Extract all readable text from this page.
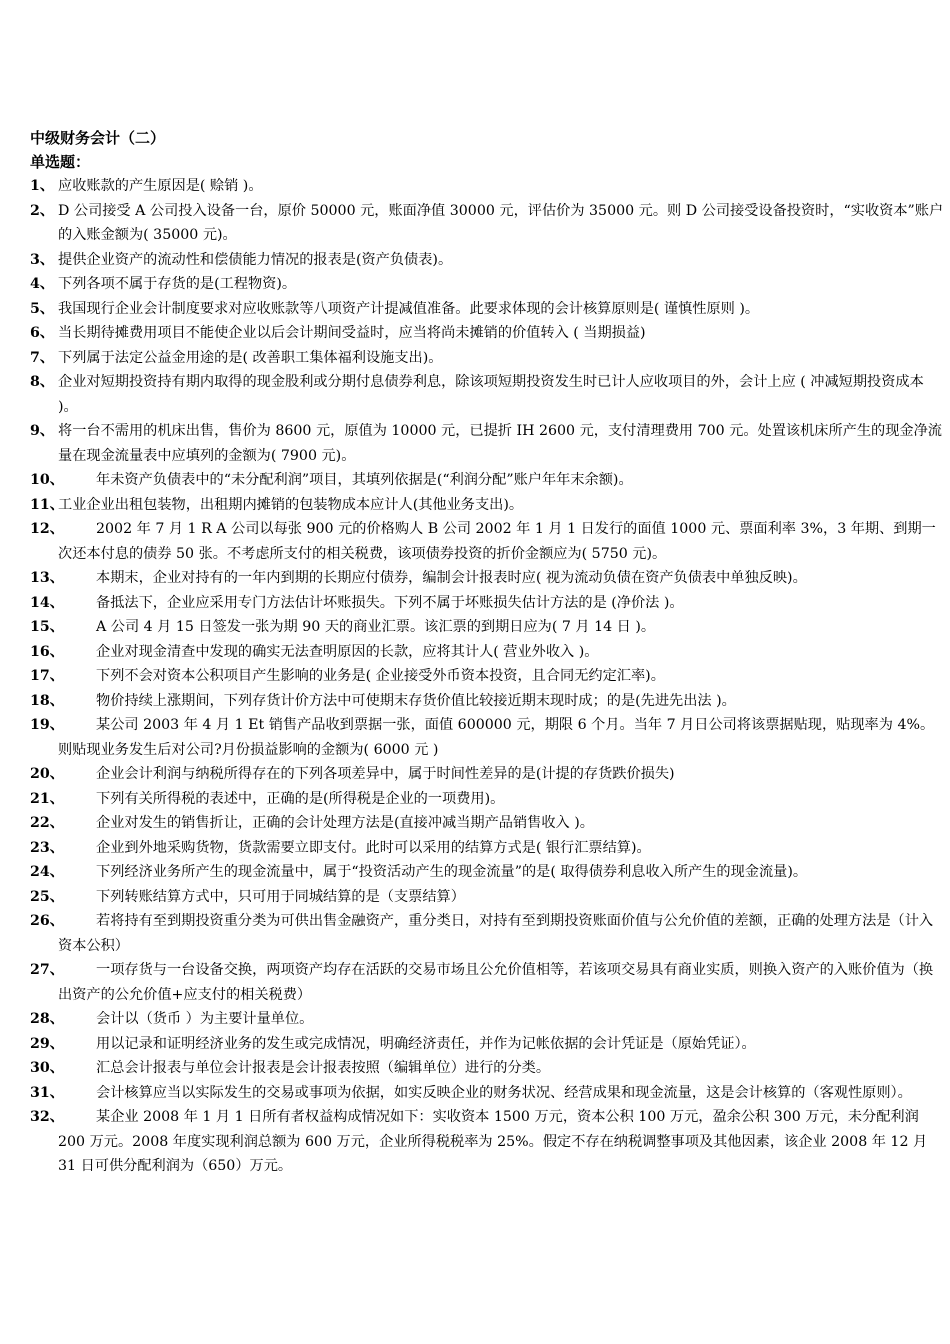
中级财务会计（二）
单选题：
1、 应收账款的产生原因是( 赊销 )。
2、 D 公司接受 A 公司投入设备一台，原价 50000 元，账面净值 30000 元，评估价为 35000 元。则 D 公司接受设备投资时，“实收资本”账户的入账金额为( 35000 元)。
3、 提供企业资产的流动性和偿债能力情况的报表是(资产负债表)。
4、 下列各项不属于存货的是(工程物资)。
5、 我国现行企业会计制度要求对应收账款等八项资产计提减值准备。此要求体现的会计核算原则是( 谨慎性原则 )。
6、 当长期待摊费用项目不能使企业以后会计期间受益时，应当将尚未摊销的价值转入 ( 当期损益)
7、 下列属于法定公益金用途的是( 改善职工集体福利设施支出)。
8、 企业对短期投资持有期内取得的现金股利或分期付息债券利息，除该项短期投资发生时已计人应收项目的外，会计上应 ( 冲减短期投资成本 )。
9、 将一台不需用的机床出售，售价为 8600 元，原值为 10000 元，已提折 IH 2600 元，支付清理费用 700 元。处置该机床所产生的现金净流量在现金流量表中应填列的金额为( 7900 元)。
10、	年未资产负债表中的“未分配利润”项目，其填列依据是(“利润分配”账户年年末余额)。
11、
工业企业出租包装物，出租期内摊销的包装物成本应计人(其他业务支出)。
12、	2002 年 7 月 1 R A 公司以每张 900 元的价格购人 B 公司 2002 年 1 月 1 日发行的面值 1000 元、票面利率 3%，3 年期、到期一次还本付息的债券 50 张。不考虑所支付的相关税费，该项债券投资的折价金额应为( 5750 元)。
13、	本期末，企业对持有的一年内到期的长期应付债券，编制会计报表时应( 视为流动负债在资产负债表中单独反映)。
14、	备抵法下，企业应采用专门方法估计坏账损失。下列不属于坏账损失估计方法的是 (净价法 )。
15、	A 公司 4 月 15 日签发一张为期 90 天的商业汇票。该汇票的到期日应为( 7 月 14 日 )。
16、	企业对现金清查中发现的确实无法查明原因的长款，应将其计人( 营业外收入 )。
17、	下列不会对资本公积项目产生影响的业务是( 企业接受外币资本投资，且合同无约定汇率)。
18、	物价持续上涨期间，下列存货计价方法中可使期末存货价值比较接近期末现时成；的是(先进先出法 )。
19、	某公司 2003 年 4 月 1 Et 销售产品收到票据一张，面值 600000 元，期限 6 个月。当年 7 月日公司将该票据贴现，贴现率为 4%。则贴现业务发生后对公司?月份损益影响的金额为( 6000 元 )
20、	企业会计利润与纳税所得存在的下列各项差异中，属于时间性差异的是(计提的存货跌价损失)
21、	下列有关所得税的表述中，正确的是(所得税是企业的一项费用)。
22、	企业对发生的销售折让，正确的会计处理方法是(直接冲减当期产品销售收入 )。
23、	企业到外地采购货物，货款需要立即支付。此时可以采用的结算方式是( 银行汇票结算)。
24、	下列经济业务所产生的现金流量中，属于“投资活动产生的现金流量”的是( 取得债券利息收入所产生的现金流量)。
25、	下列转账结算方式中，只可用于同城结算的是（支票结算）
26、	若将持有至到期投资重分类为可供出售金融资产，重分类日，对持有至到期投资账面价值与公允价值的差额，正确的处理方法是（计入资本公积）
27、	一项存货与一台设备交换，两项资产均存在活跃的交易市场且公允价值相等，若该项交易具有商业实质，则换入资产的入账价值为（换出资产的公允价值+应支付的相关税费）
28、	会计以（货币 ）为主要计量单位。
29、	用以记录和证明经济业务的发生或完成情况，明确经济责任，并作为记帐依据的会计凭证是（原始凭证）。
30、	汇总会计报表与单位会计报表是会计报表按照（编辑单位）进行的分类。
31、	会计核算应当以实际发生的交易或事项为依据，如实反映企业的财务状况、经营成果和现金流量，这是会计核算的（客观性原则）。
32、	某企业 2008 年 1 月 1 日所有者权益构成情况如下：实收资本 1500 万元，资本公积 100 万元，盈余公积 300 万元，未分配利润 200 万元。2008 年度实现利润总额为 600 万元，企业所得税税率为 25%。假定不存在纳税调整事项及其他因素，该企业 2008 年 12 月 31 日可供分配利润为（650）万元。
